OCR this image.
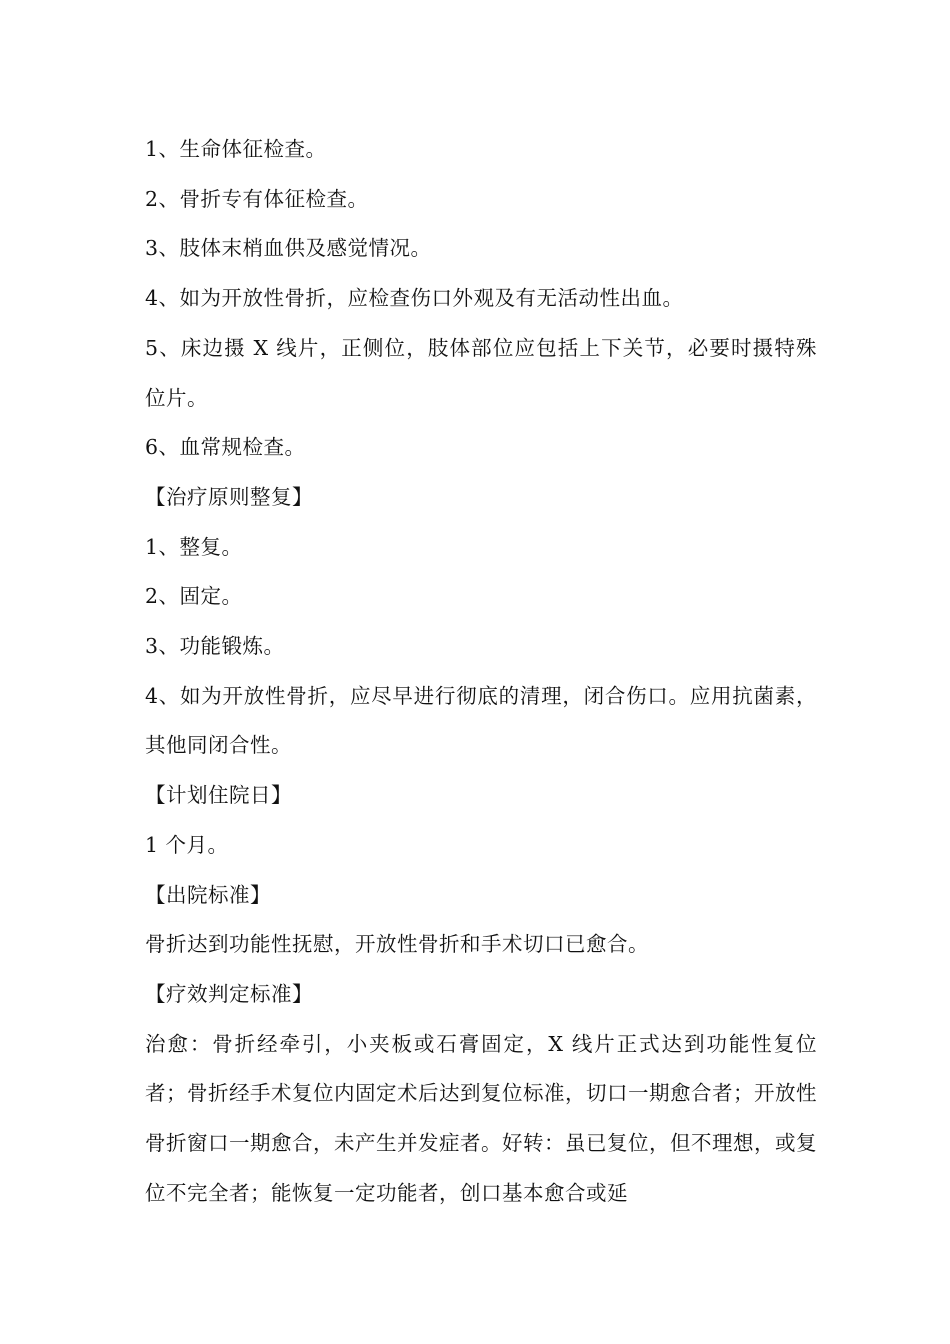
1、生命体征检查。

2、骨折专有体征检查。

3、肢体末梢血供及感觉情况。

4、如为开放性骨折，应检查伤口外观及有无活动性出血。

5、床边摄 X 线片，正侧位，肢体部位应包括上下关节，必要时摄特殊位片。

6、血常规检查。

【治疗原则整复】

1、整复。

2、固定。

3、功能锻炼。

4、如为开放性骨折，应尽早进行彻底的清理，闭合伤口。应用抗菌素，其他同闭合性。

【计划住院日】

1 个月。

【出院标准】

骨折达到功能性抚慰，开放性骨折和手术切口已愈合。

【疗效判定标准】

治愈：骨折经牵引，小夹板或石膏固定，X 线片正式达到功能性复位者；骨折经手术复位内固定术后达到复位标准，切口一期愈合者；开放性骨折窗口一期愈合，未产生并发症者。好转：虽已复位，但不理想，或复位不完全者；能恢复一定功能者，创口基本愈合或延
